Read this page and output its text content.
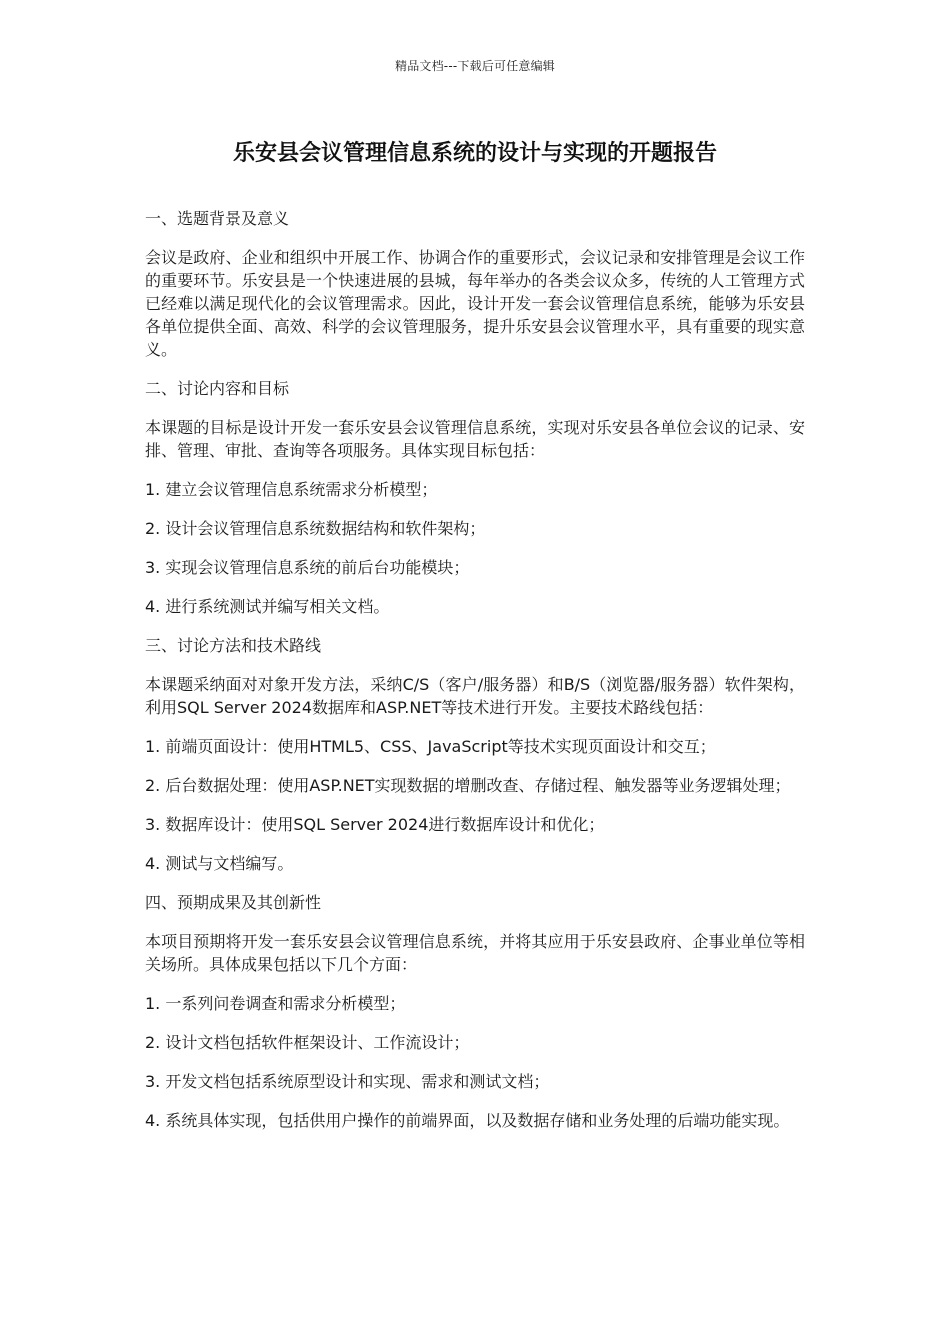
精品文档---下载后可任意编辑
乐安县会议管理信息系统的设计与实现的开题报告

一、选题背景及意义

会议是政府、企业和组织中开展工作、协调合作的重要形式，会议记录和安排管理是会议工作的重要环节。乐安县是一个快速进展的县城，每年举办的各类会议众多，传统的人工管理方式已经难以满足现代化的会议管理需求。因此，设计开发一套会议管理信息系统，能够为乐安县各单位提供全面、高效、科学的会议管理服务，提升乐安县会议管理水平，具有重要的现实意义。

二、讨论内容和目标

本课题的目标是设计开发一套乐安县会议管理信息系统，实现对乐安县各单位会议的记录、安排、管理、审批、查询等各项服务。具体实现目标包括：

1. 建立会议管理信息系统需求分析模型；

2. 设计会议管理信息系统数据结构和软件架构；

3. 实现会议管理信息系统的前后台功能模块；

4. 进行系统测试并编写相关文档。

三、讨论方法和技术路线

本课题采纳面对对象开发方法，采纳C/S（客户/服务器）和B/S（浏览器/服务器）软件架构，利用SQL Server 2024数据库和ASP.NET等技术进行开发。主要技术路线包括：

1. 前端页面设计：使用HTML5、CSS、JavaScript等技术实现页面设计和交互；

2. 后台数据处理：使用ASP.NET实现数据的增删改查、存储过程、触发器等业务逻辑处理；

3. 数据库设计：使用SQL Server 2024进行数据库设计和优化；

4. 测试与文档编写。

四、预期成果及其创新性

本项目预期将开发一套乐安县会议管理信息系统，并将其应用于乐安县政府、企事业单位等相关场所。具体成果包括以下几个方面：

1. 一系列问卷调查和需求分析模型；

2. 设计文档包括软件框架设计、工作流设计；

3. 开发文档包括系统原型设计和实现、需求和测试文档；

4. 系统具体实现，包括供用户操作的前端界面，以及数据存储和业务处理的后端功能实现。
